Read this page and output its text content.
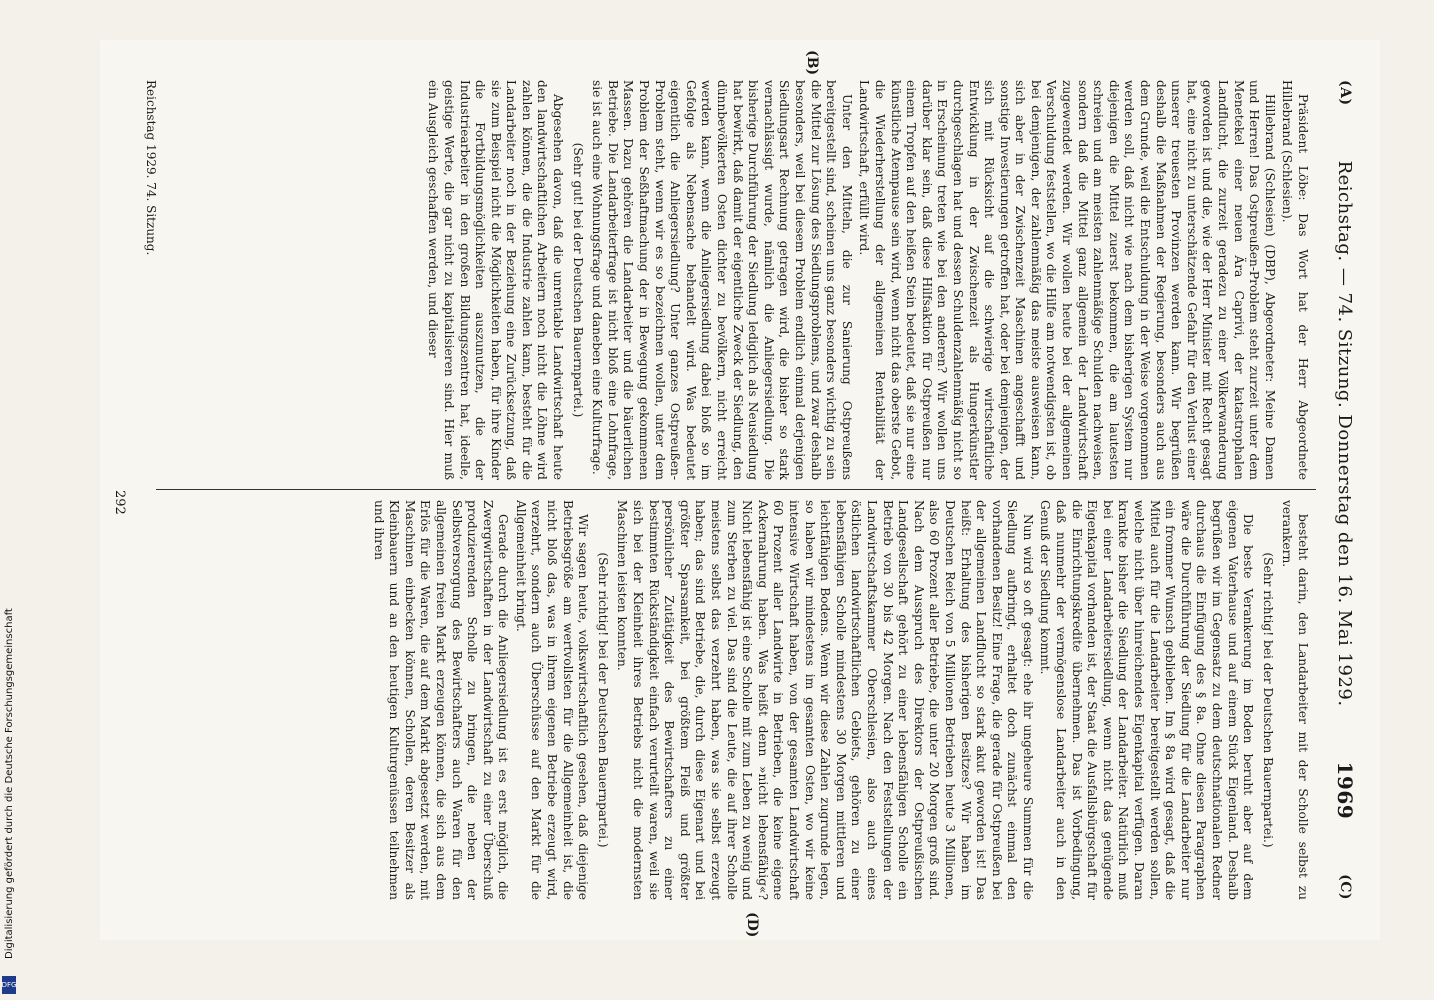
Digitalisierung gefördert durch die Deutsche Forschungsgemeinschaft
DFG
(A)
Reichstag. — 74. Sitzung. Donnerstag den 16. Mai 1929.
1969
(C)

Präsident Löbe: Das Wort hat der Herr Abgeordnete Hillebrand (Schlesien).

Hillebrand (Schlesien) (DBP), Abgeordneter: Meine Damen und Herren! Das Ostpreußen-Problem steht zurzeit unter dem Menetekel einer neuen Ära Caprivi, der katastrophalen Landflucht, die zurzeit geradezu zu einer Völkerwanderung geworden ist und die, wie der Herr Minister mit Recht gesagt hat, eine nicht zu unterschätzende Gefahr für den Verlust einer unserer treuesten Provinzen werden kann. Wir begrüßen deshalb die Maßnahmen der Regierung, besonders auch aus dem Grunde, weil die Entschuldung in der Weise vorgenommen werden soll, daß nicht wie nach dem bisherigen System nur diejenigen die Mittel zuerst bekommen, die am lautesten schreien und am meisten zahlenmäßige Schulden nachweisen, sondern daß die Mittel ganz allgemein der Landwirtschaft zugewendet werden. Wir wollen heute bei der allgemeinen Verschuldung feststellen, wo die Hilfe am notwendigsten ist, ob bei demjenigen, der zahlenmäßig das meiste ausweisen kann, sich aber in der Zwischenzeit Maschinen angeschafft und sonstige Investierungen getroffen hat, oder bei demjenigen, der sich mit Rücksicht auf die schwierige wirtschaftliche Entwicklung in der Zwischenzeit als Hungerkünstler durchgeschlagen hat und dessen Schuldenzahlenmäßig nicht so in Erscheinung treten wie bei den anderen? Wir wollen uns darüber klar sein, daß diese Hilfsaktion für Ostpreußen nur einem Tropfen auf den heißen Stein bedeutet, daß sie nur eine künstliche Atempause sein wird, wenn nicht das oberste Gebot, die Wiederherstellung der allgemeinen Rentabilität der Landwirtschaft, erfüllt wird.

Unter den Mitteln, die zur Sanierung Ostpreußens bereitgestellt sind, scheinen uns ganz besonders wichtig zu sein die Mittel zur Lösung des Siedlungsproblems, und zwar deshalb besonders, weil bei diesem Problem endlich einmal derjenigen Siedlungsart Rechnung getragen wird, die bisher so stark vernachlässigt wurde, nämlich die Anliegersiedlung. Die bisherige Durchführung der Siedlung lediglich als Neusiedlung hat bewirkt, daß damit der eigentliche Zweck der Siedlung, den dünnbevölkerten Osten dichter zu bevölkern, nicht erreicht werden kann, wenn die Anliegersiedlung dabei bloß so im Gefolge als Nebensache behandelt wird. Was bedeutet eigentlich die Anliegersiedlung? Unter ganzes Ostpreußen-Problem steht, wenn wir es so bezeichnen wollen, unter dem Problem der Seßhaftmachung der in Bewegung gekommenen Massen. Dazu gehören die Landarbeiter und die bäuerlichen Betriebe. Die Landarbeiterfrage ist nicht bloß eine Lohnfrage, sie ist auch eine Wohnungsfrage und daneben eine Kulturfrage.

(Sehr gut! bei der Deutschen Bauernpartei.)

Abgesehen davon, daß die unrentable Landwirtschaft heute den landwirtschaftlichen Arbeitern noch nicht die Löhne wird zahlen können, die die Industrie zahlen kann, besteht für die Landarbeiter noch in der Beziehung eine Zurücksetzung, daß sie zum Beispiel nicht die Möglichkeiten haben, für ihre Kinder die Fortbildungsmöglichkeiten auszunutzen, die der Industriearbeiter in den großen Bildungszentren hat, ideelle, geistige Werte, die gar nicht zu kapitalisieren sind. Hier muß ein Ausgleich geschaffen werden, und dieser

(B)
(D)

besteht darin, den Landarbeiter mit der Scholle selbst zu verankern.

(Sehr richtig! bei der Deutschen Bauernpartei.)

Die beste Verankerung im Boden beruht aber auf dem eigenen Vaterhause und auf einem Stück Eigenland. Deshalb begrüßen wir im Gegensatz zu dem deutschnationalen Redner durchaus die Einfügung des § 8a. Ohne diesen Paragraphen wäre die Durchführung der Siedlung für die Landarbeiter nur ein frommer Wunsch geblieben. Im § 8a wird gesagt, daß die Mittel auch für die Landarbeiter bereitgestellt werden sollen, welche nicht über hinreichendes Eigenkapital verfügen. Daran krankte bisher die Siedlung der Landarbeiter. Natürlich muß bei einer Landarbeitersiedlung, wenn nicht das genügende Eigenkapital vorhanden ist, der Staat die Ausfallsbürgschaft für die Einrichtungskredite übernehmen. Das ist Vorbedingung, daß nunmehr der vermögenslose Landarbeiter auch in den Genuß der Siedlung kommt.

Nun wird so oft gesagt: ehe ihr ungeheure Summen für die Siedlung aufbringt, erhaltet doch zunächst einmal den vorhandenen Besitz! Eine Frage, die gerade für Ostpreußen bei der allgemeinen Landflucht so stark akut geworden ist! Das heißt: Erhaltung des bisherigen Besitzes? Wir haben im Deutschen Reich von 5 Millionen Betrieben heute 3 Millionen, also 60 Prozent aller Betriebe, die unter 20 Morgen groß sind. Nach dem Ausspruch des Direktors der Ostpreußischen Landgesellschaft gehört zu einer lebensfähigen Scholle ein Betrieb von 30 bis 42 Morgen. Nach den Feststellungen der Landwirtschaftskammer Oberschlesien, also auch eines östlichen landwirtschaftlichen Gebiets, gehören zu einer lebensfähigen Scholle mindestens 30 Morgen mittleren und leichtfähigen Bodens. Wenn wir diese Zahlen zugrunde legen, so haben wir mindestens im gesamten Osten, wo wir keine intensive Wirtschaft haben, von der gesamten Landwirtschaft 60 Prozent aller Landwirte in Betrieben, die keine eigene Ackernahrung haben. Was heißt denn »nicht lebensfähig«? Nicht lebensfähig ist eine Scholle mit zum Leben zu wenig und zum Sterben zu viel. Das sind die Leute, die auf ihrer Scholle meistens selbst das verzehrt haben, was sie selbst erzeugt haben; das sind Betriebe, die, durch diese Eigenart und bei größter Sparsamkeit, bei größtem Fleiß und größter persönlicher Zutätigkeit des Bewirtschafters zu einer bestimmten Rückständigkeit einfach verurteilt waren, weil sie sich bei der Kleinheit ihres Betriebs nicht die modernsten Maschinen leisten konnten.

(Sehr richtig! bei der Deutschen Bauernpartei.)

Wir sagen heute, volkswirtschaftlich gesehen, daß diejenige Betriebsgröße am wertvollsten für die Allgemeinheit ist, die nicht bloß das, was in ihrem eigenen Betriebe erzeugt wird, verzehrt, sondern auch Überschüsse auf den Markt für die Allgemeinheit bringt.

Gerade durch die Anliegersiedlung ist es erst möglich, die Zwergwirtschaften in der Landwirtschaft zu einer Überschuß produzierenden Scholle zu bringen, die neben der Selbstversorgung des Bewirtschafters auch Waren für den allgemeinen freien Markt erzeugen können, die sich aus dem Erlös für die Waren, die auf dem Markt abgesetzt werden, mit Maschinen einbecken können, Schollen, deren Besitzer als Kleinbauern und an den heutigen Kulturgenüssen teilnehmen und ihren

Reichstag 1929. 74. Sitzung.
292
